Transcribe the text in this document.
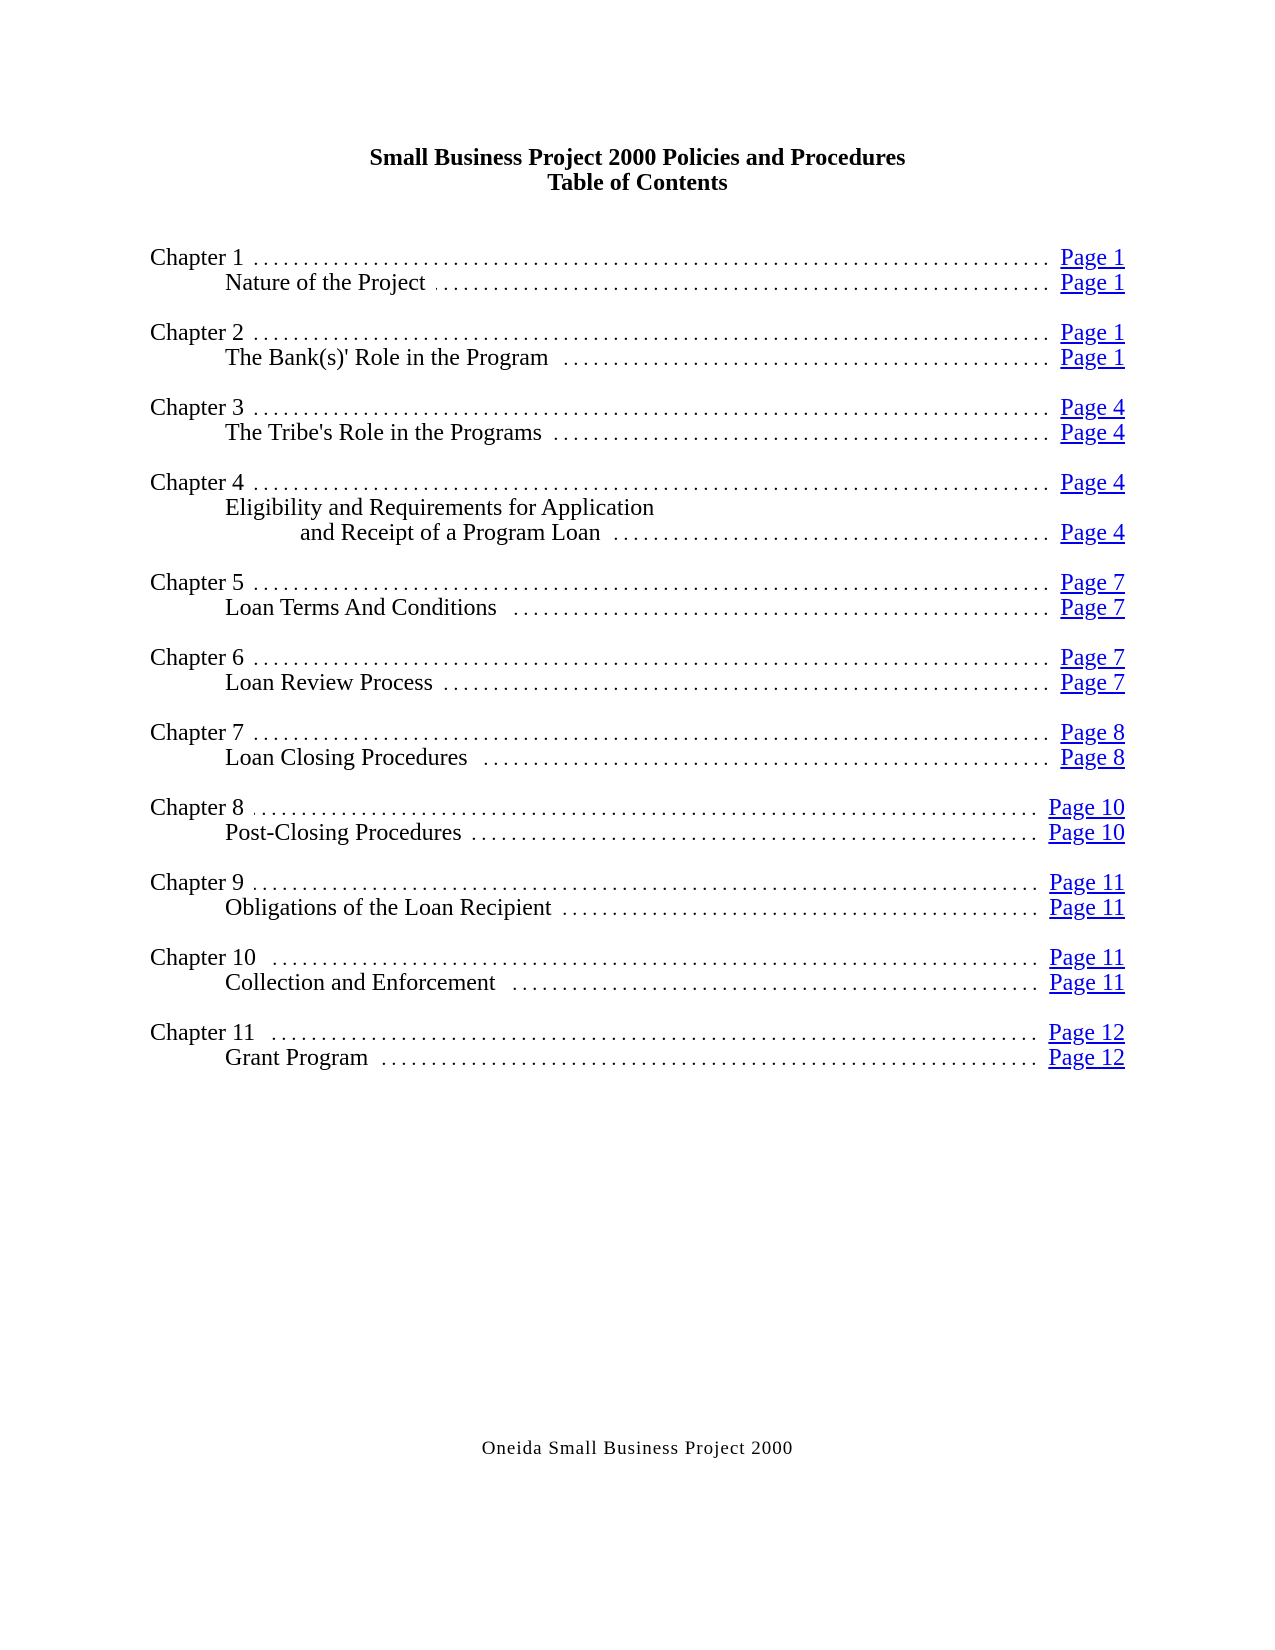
Small Business Project 2000 Policies and Procedures
Table of Contents
Chapter 1 . . .	Page 1
Nature of the Project . . .	Page 1
Chapter 2 . . .	Page 1
The Bank(s)' Role in the Program . . .	Page 1
Chapter 3 . . .	Page 4
The Tribe's Role in the Programs . . .	Page 4
Chapter 4 . . .	Page 4
Eligibility and Requirements for Application
and Receipt of a Program Loan . . .	Page 4
Chapter 5 . . .	Page 7
Loan Terms And Conditions . . .	Page 7
Chapter 6 . . .	Page 7
Loan Review Process . . .	Page 7
Chapter 7 . . .	Page 8
Loan Closing Procedures . . .	Page 8
Chapter 8 . . .	Page 10
Post-Closing Procedures . . .	Page 10
Chapter 9 . . .	Page 11
Obligations of the Loan Recipient . . .	Page 11
Chapter 10 . . .	Page 11
Collection and Enforcement . . .	Page 11
Chapter 11 . . .	Page 12
Grant Program . . .	Page 12
Oneida Small Business Project 2000
